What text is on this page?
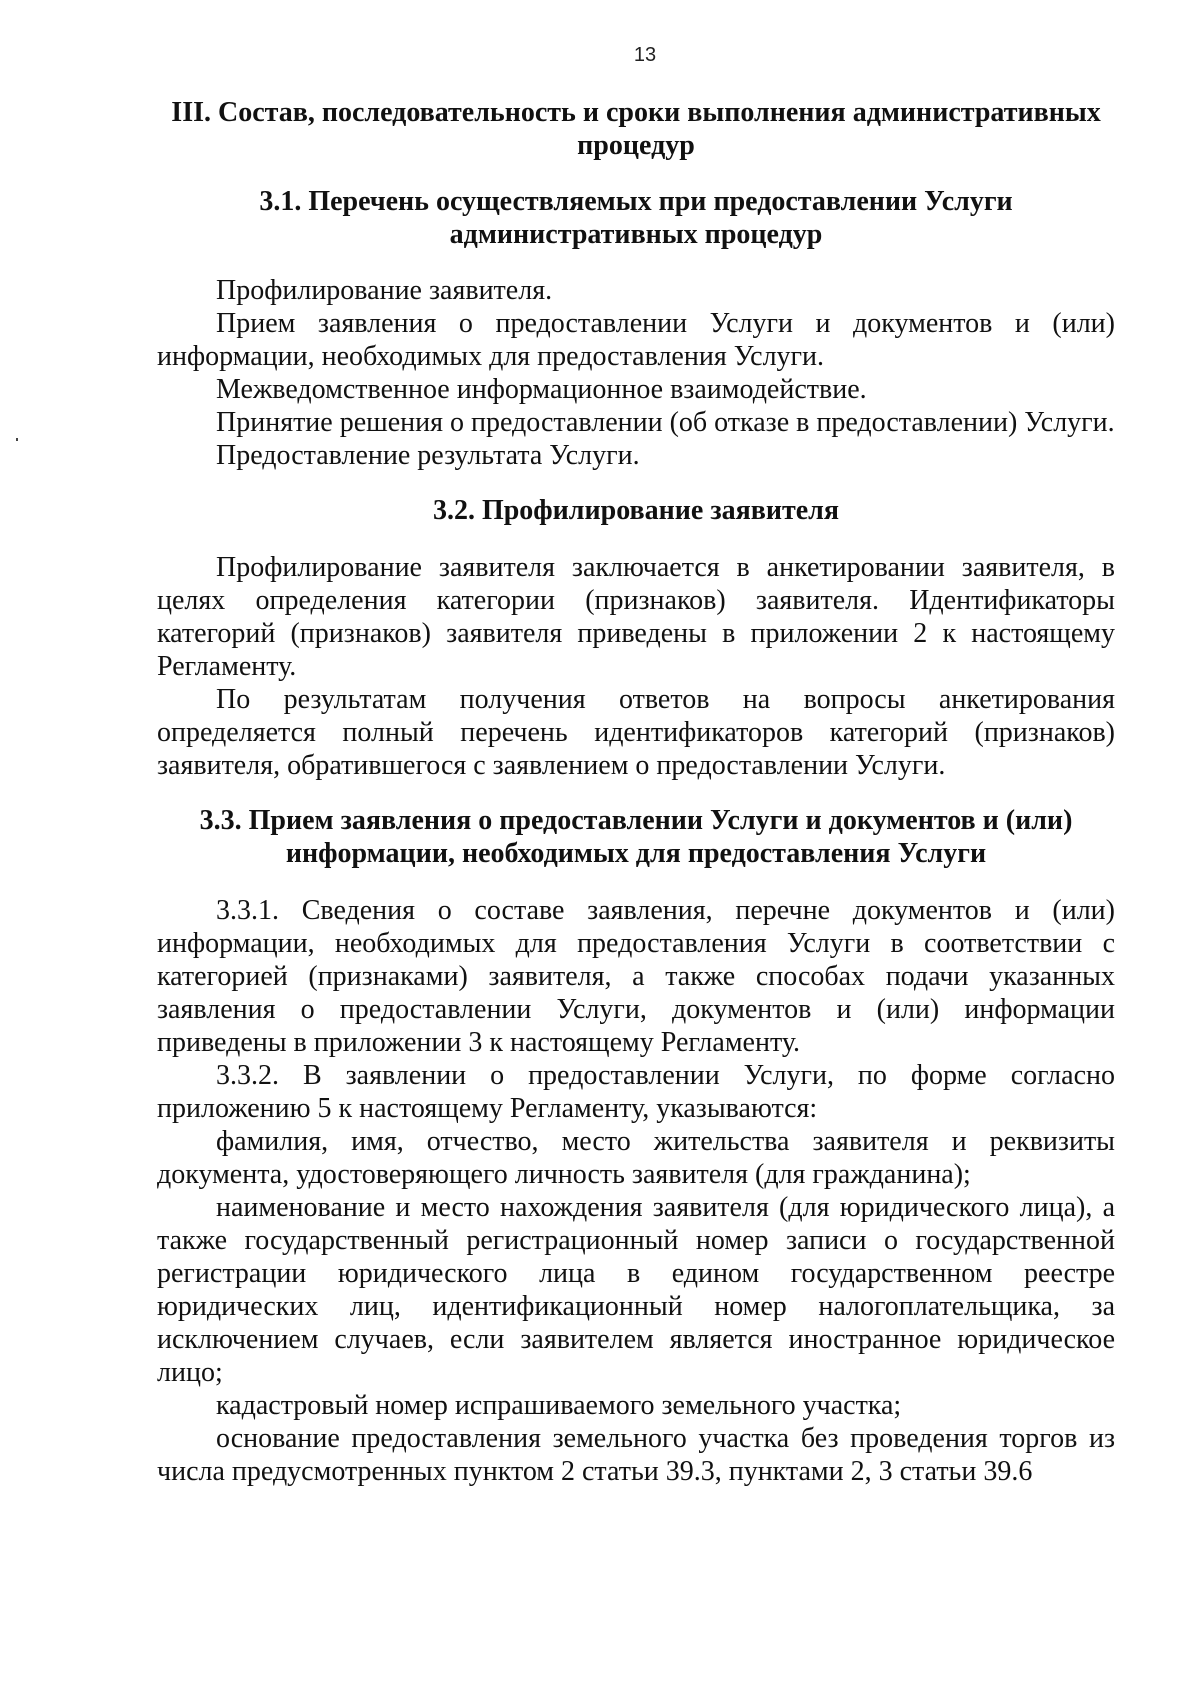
13

III. Состав, последовательность и сроки выполнения административных процедур

3.1. Перечень осуществляемых при предоставлении Услуги административных процедур

Профилирование заявителя.

Прием заявления о предоставлении Услуги и документов и (или) информации, необходимых для предоставления Услуги.

Межведомственное информационное взаимодействие.

Принятие решения о предоставлении (об отказе в предоставлении) Услуги.

Предоставление результата Услуги.

3.2. Профилирование заявителя

Профилирование заявителя заключается в анкетировании заявителя, в целях определения категории (признаков) заявителя. Идентификаторы категорий (признаков) заявителя приведены в приложении 2 к настоящему Регламенту.

По результатам получения ответов на вопросы анкетирования определяется полный перечень идентификаторов категорий (признаков) заявителя, обратившегося с заявлением о предоставлении Услуги.

3.3. Прием заявления о предоставлении Услуги и документов и (или) информации, необходимых для предоставления Услуги

3.3.1. Сведения о составе заявления, перечне документов и (или) информации, необходимых для предоставления Услуги в соответствии с категорией (признаками) заявителя, а также способах подачи указанных заявления о предоставлении Услуги, документов и (или) информации приведены в приложении 3 к настоящему Регламенту.

3.3.2. В заявлении о предоставлении Услуги, по форме согласно приложению 5 к настоящему Регламенту, указываются:

фамилия, имя, отчество, место жительства заявителя и реквизиты документа, удостоверяющего личность заявителя (для гражданина);

наименование и место нахождения заявителя (для юридического лица), а также государственный регистрационный номер записи о государственной регистрации юридического лица в едином государственном реестре юридических лиц, идентификационный номер налогоплательщика, за исключением случаев, если заявителем является иностранное юридическое лицо;

кадастровый номер испрашиваемого земельного участка;

основание предоставления земельного участка без проведения торгов из числа предусмотренных пунктом 2 статьи 39.3, пунктами 2, 3 статьи 39.6
